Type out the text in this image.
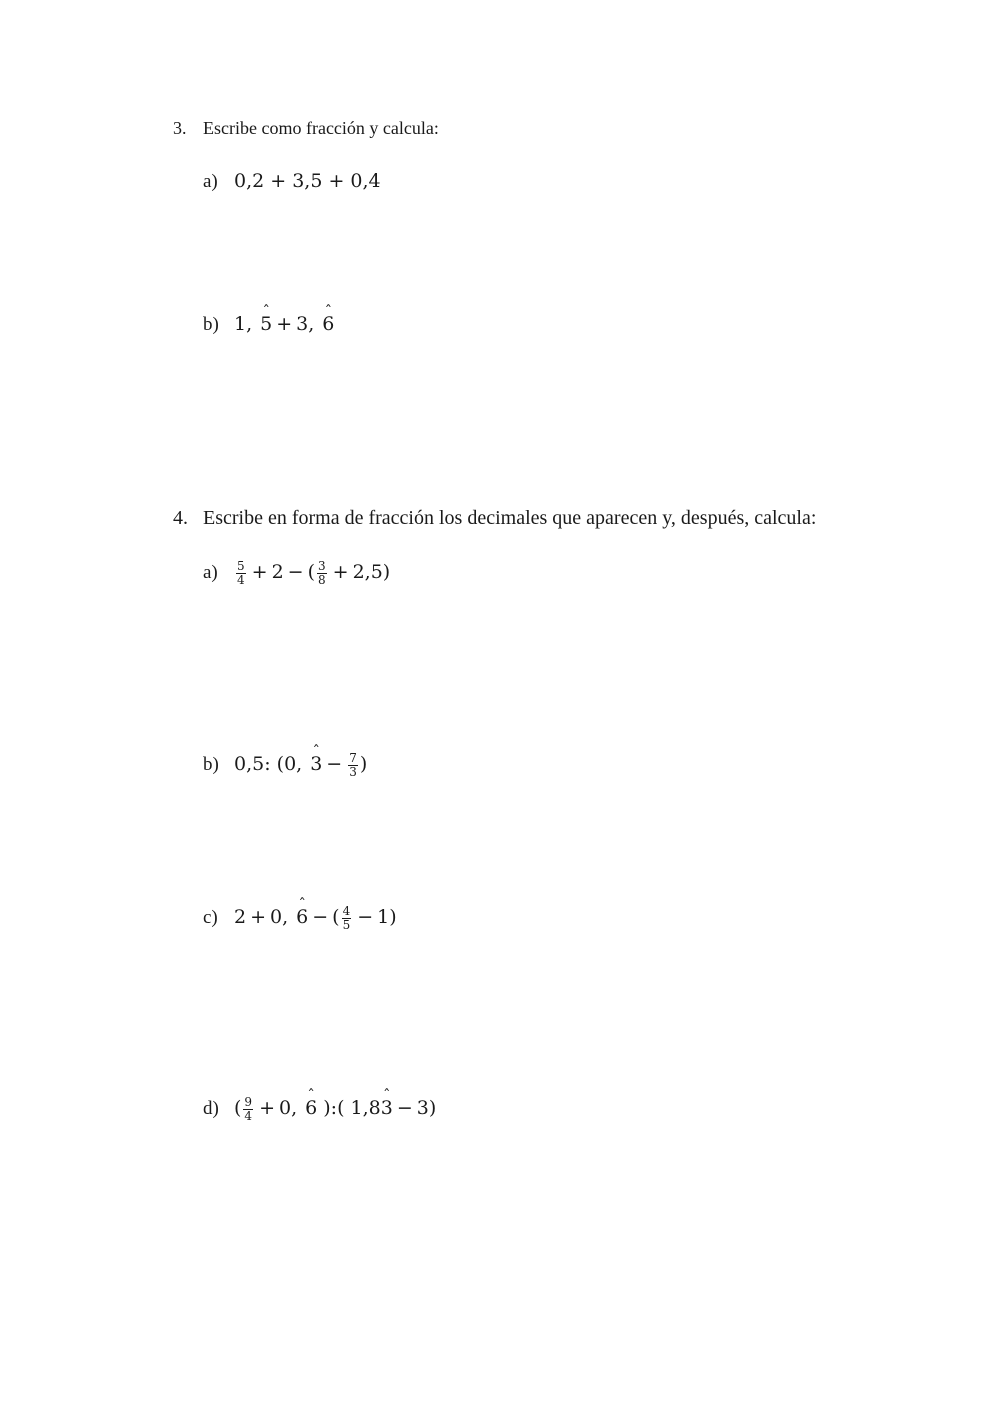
3. Escribe como fracción y calcula:
a) 0,2 + 3,5 + 0,4
b) 1,ˆ 5 + 3,ˆ 6
4. Escribe en forma de fracción los decimales que aparecen y, después, calcula:
$a) \frac{5}{4} + 2$ − ( $\frac{3}{8} + 2,5$)
b) 0,5: (0,ˆ $3 - \frac{7}{3}$ )
c) 2 + 0,ˆ 6 − ( $\frac{4}{5} - 1$)
d) ( $\frac{9}{4}$ + 0,ˆ 6 ):( 1,8ˆ 3 − 3)
